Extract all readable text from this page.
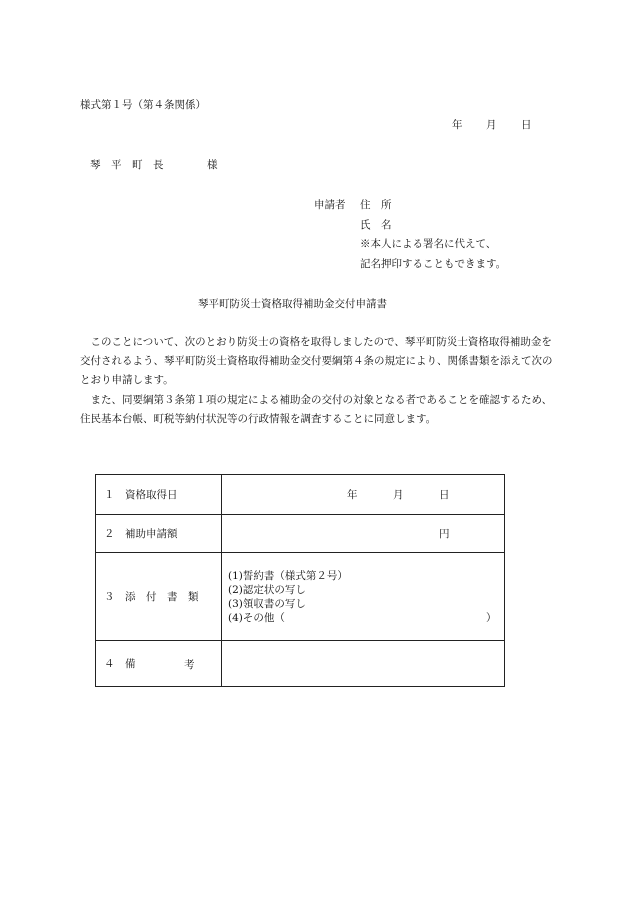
様式第１号（第４条関係）
年 月 日
琴　平　町　長	様
申請者 住　所
氏　名
※本人による署名に代えて、
記名押印することもできます。
琴平町防災士資格取得補助金交付申請書
　このことについて、次のとおり防災士の資格を取得しましたので、琴平町防災士資格取得補助金を交付されるよう、琴平町防災士資格取得補助金交付要綱第４条の規定により、関係書類を添えて次のとおり申請します。
　また、同要綱第３条第１項の規定による補助金の交付の対象となる者であることを確認するため、住民基本台帳、町税等納付状況等の行政情報を調査することに同意します。
１　資格取得日	年 月 日

２　補助申請額	円

３　添　付　書　類	(1)誓約書（様式第２号）
(2)認定状の写し
(3)領収書の写し
(4)その他（ ）

４　備 考	
